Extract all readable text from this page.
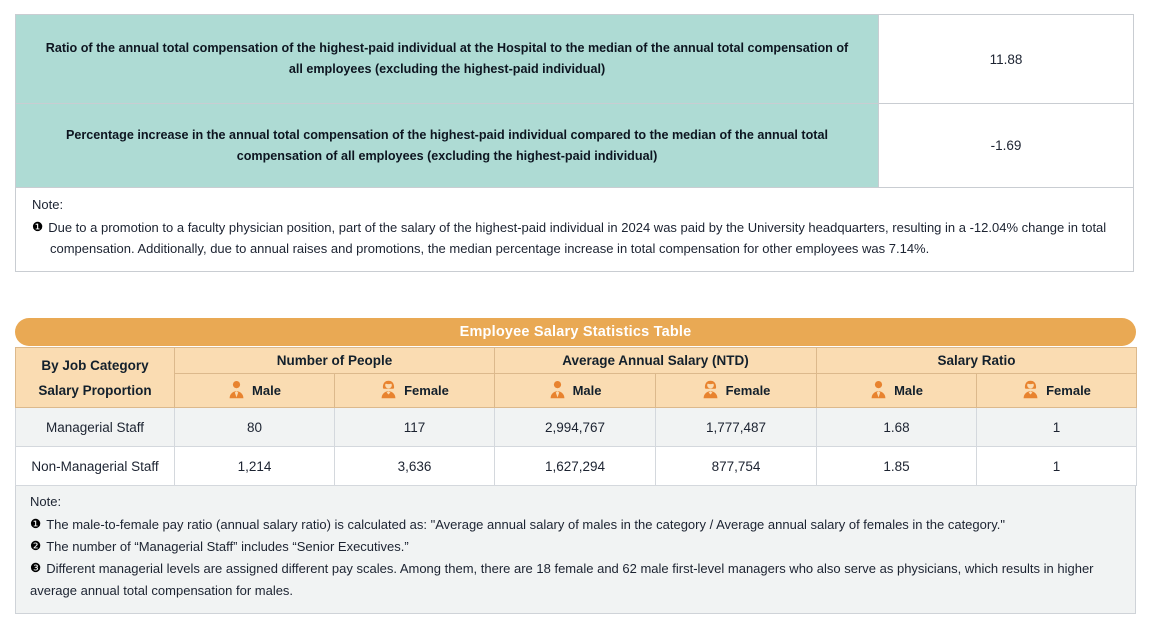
Ratio of the annual total compensation of the highest-paid individual at the Hospital to the median of the annual total compensation of all employees (excluding the highest-paid individual)
11.88
Percentage increase in the annual total compensation of the highest-paid individual compared to the median of the annual total compensation of all employees (excluding the highest-paid individual)
-1.69
Note:
❶ Due to a promotion to a faculty physician position, part of the salary of the highest-paid individual in 2024 was paid by the University headquarters, resulting in a -12.04% change in total
compensation. Additionally, due to annual raises and promotions, the median percentage increase in total compensation for other employees was 7.14%.
Employee Salary Statistics Table
By Job Category
Salary Proportion	Number of People		Average Annual Salary (NTD)		Salary Ratio	

	Male	Female	Male	Female	Male	Female

Managerial Staff	80	117	2,994,767	1,777,487	1.68	1
Non-Managerial Staff	1,214	3,636	1,627,294	877,754	1.85	1
Note:
❶ The male-to-female pay ratio (annual salary ratio) is calculated as: "Average annual salary of males in the category / Average annual salary of females in the category."
❷ The number of “Managerial Staff” includes “Senior Executives.”
❸ Different managerial levels are assigned different pay scales. Among them, there are 18 female and 62 male first-level managers who also serve as physicians, which results in higher
average annual total compensation for males.
